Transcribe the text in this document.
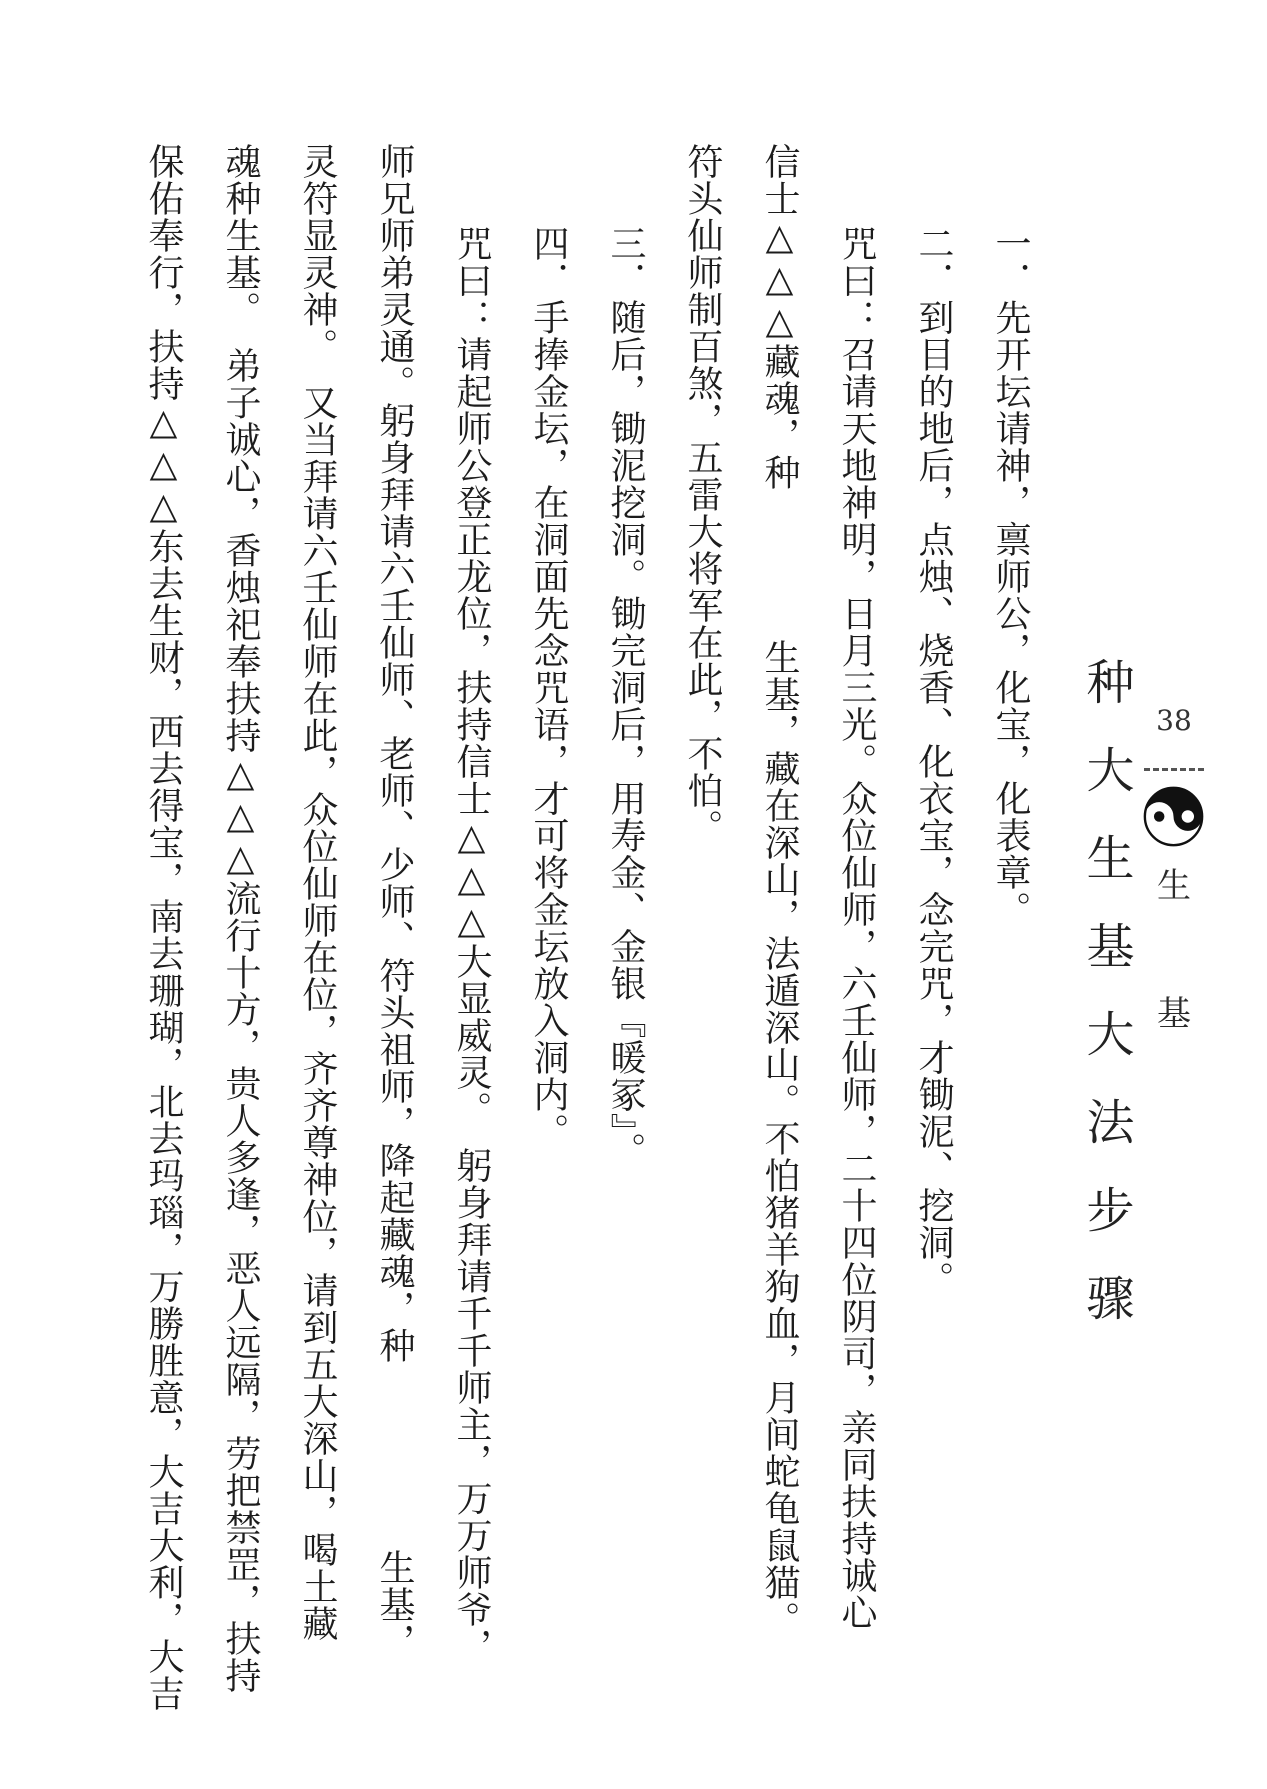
一．先开坛请神，禀师公，化宝，化表章。
二．到目的地后，点烛、烧香、化衣宝，念完咒，才锄泥、挖洞。
咒曰：召请天地神明，日月三光。众位仙师，六壬仙师，二十四位阴司，亲同扶持诚心
信士△△△藏魂，种　　　　生基，藏在深山，法遁深山。不怕猪羊狗血，月间蛇龟鼠猫。
符头仙师制百煞，五雷大将军在此，不怕。
三．随后，锄泥挖洞。锄完洞后，用寿金、金银『暖冢』。
四．手捧金坛，在洞面先念咒语，才可将金坛放入洞内。
咒曰：请起师公登正龙位，扶持信士△△△大显威灵。　躬身拜请千千师主，万万师爷，
师兄师弟灵通。躬身拜请六壬仙师、老师、少师、符头祖师，降起藏魂，种　　　　　生基，
灵符显灵神。　又当拜请六壬仙师在此，众位仙师在位，齐齐尊神位，请到五大深山，喝土藏
魂种生基。　弟子诚心，香烛祀奉扶持△△△流行十方，贵人多逢，恶人远隔，劳把禁罡，扶持
保佑奉行，扶持△△△东去生财，西去得宝，南去珊瑚，北去玛瑙，万勝胜意，大吉大利，大吉	种大生基大法步骤 38
生
基
